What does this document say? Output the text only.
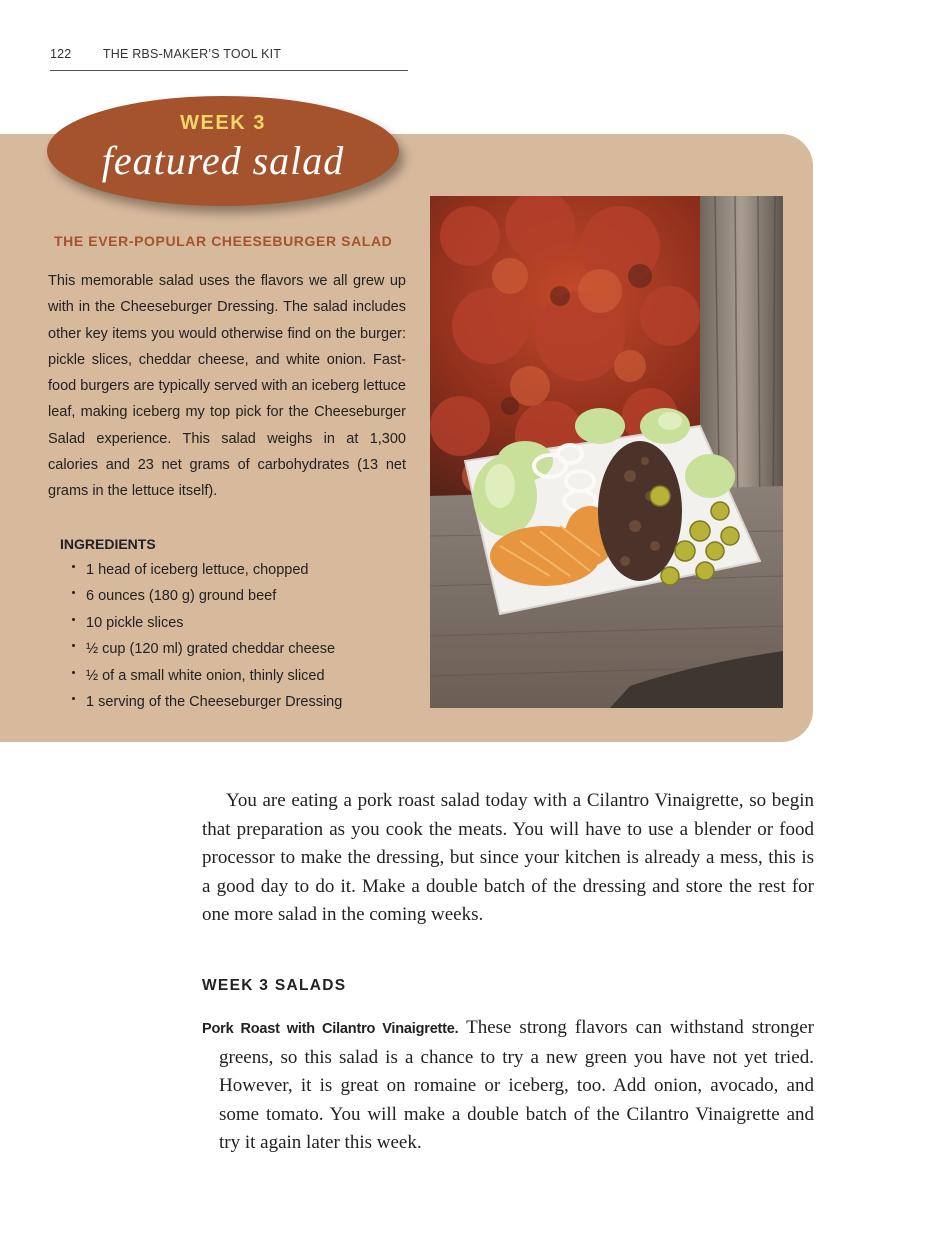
122	THE RBS-MAKER’S TOOL KIT
WEEK 3
featured salad
THE EVER-POPULAR CHEESEBURGER SALAD

This memorable salad uses the flavors we all grew up with in the Cheeseburger Dressing. The salad includes other key items you would otherwise find on the burger: pickle slices, cheddar cheese, and white onion. Fast-food burgers are typically served with an iceberg lettuce leaf, making iceberg my top pick for the Cheeseburger Salad experience. This salad weighs in at 1,300 calories and 23 net grams of carbohydrates (13 net grams in the lettuce itself).

INGREDIENTS
1 head of iceberg lettuce, chopped
6 ounces (180 g) ground beef
10 pickle slices
½ cup (120 ml) grated cheddar cheese
½ of a small white onion, thinly sliced
1 serving of the Cheeseburger Dressing

You are eating a pork roast salad today with a Cilantro Vinaigrette, so begin that preparation as you cook the meats. You will have to use a blender or food processor to make the dressing, but since your kitchen is already a mess, this is a good day to do it. Make a double batch of the dressing and store the rest for one more salad in the coming weeks.

WEEK 3 SALADS

Pork Roast with Cilantro Vinaigrette. These strong flavors can withstand stronger greens, so this salad is a chance to try a new green you have not yet tried. However, it is great on romaine or iceberg, too. Add onion, avocado, and some tomato. You will make a double batch of the Cilantro Vinaigrette and try it again later this week.
